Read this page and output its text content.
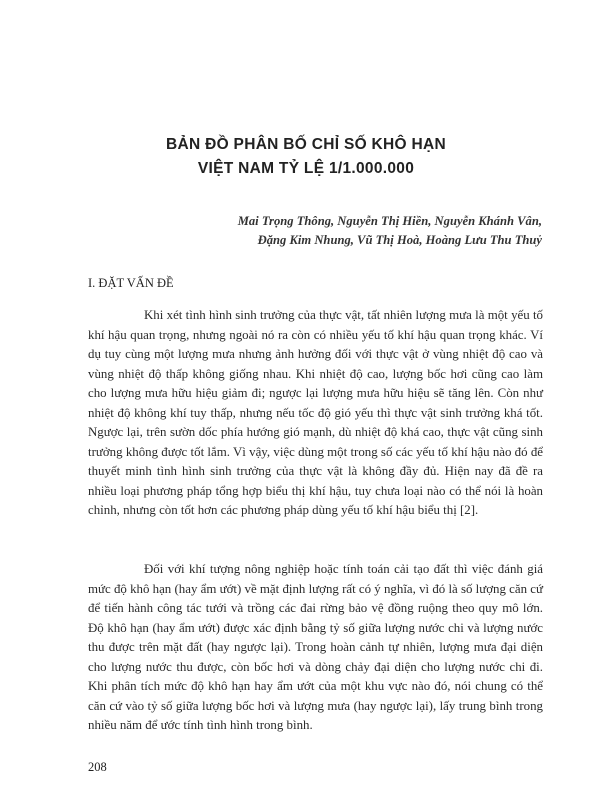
BẢN ĐỒ PHÂN BỐ CHỈ SỐ KHÔ HẠN
VIỆT NAM TỶ LỆ 1/1.000.000
Mai Trọng Thông, Nguyễn Thị Hiền, Nguyễn Khánh Vân,
Đặng Kim Nhung, Vũ Thị Hoà, Hoàng Lưu Thu Thuỷ
I. ĐẶT VẤN ĐỀ

Khi xét tình hình sinh trưởng của thực vật, tất nhiên lượng mưa là một yếu tố khí hậu quan trọng, nhưng ngoài nó ra còn có nhiều yếu tố khí hậu quan trọng khác. Ví dụ tuy cùng một lượng mưa nhưng ảnh hưởng đối với thực vật ở vùng nhiệt độ cao và vùng nhiệt độ thấp không giống nhau. Khi nhiệt độ cao, lượng bốc hơi cũng cao làm cho lượng mưa hữu hiệu giảm đi; ngược lại lượng mưa hữu hiệu sẽ tăng lên. Còn như nhiệt độ không khí tuy thấp, nhưng nếu tốc độ gió yếu thì thực vật sinh trưởng khá tốt. Ngược lại, trên sườn dốc phía hướng gió mạnh, dù nhiệt độ khá cao, thực vật cũng sinh trưởng không được tốt lắm. Vì vậy, việc dùng một trong số các yếu tố khí hậu nào đó để thuyết minh tình hình sinh trưởng của thực vật là không đầy đủ. Hiện nay đã đề ra nhiều loại phương pháp tổng hợp biểu thị khí hậu, tuy chưa loại nào có thể nói là hoàn chỉnh, nhưng còn tốt hơn các phương pháp dùng yếu tố khí hậu biểu thị [2].

Đối với khí tượng nông nghiệp hoặc tính toán cải tạo đất thì việc đánh giá mức độ khô hạn (hay ẩm ướt) về mặt định lượng rất có ý nghĩa, vì đó là số lượng căn cứ để tiến hành công tác tưới và trồng các đai rừng bảo vệ đồng ruộng theo quy mô lớn. Độ khô hạn (hay ẩm ướt) được xác định bằng tỷ số giữa lượng nước chi và lượng nước thu được trên mặt đất (hay ngược lại). Trong hoàn cảnh tự nhiên, lượng mưa đại diện cho lượng nước thu được, còn bốc hơi và dòng chảy đại diện cho lượng nước chi đi. Khi phân tích mức độ khô hạn hay ẩm ướt của một khu vực nào đó, nói chung có thể căn cứ vào tỷ số giữa lượng bốc hơi và lượng mưa (hay ngược lại), lấy trung bình trong nhiều năm để ước tính tình hình trong bình.

208
